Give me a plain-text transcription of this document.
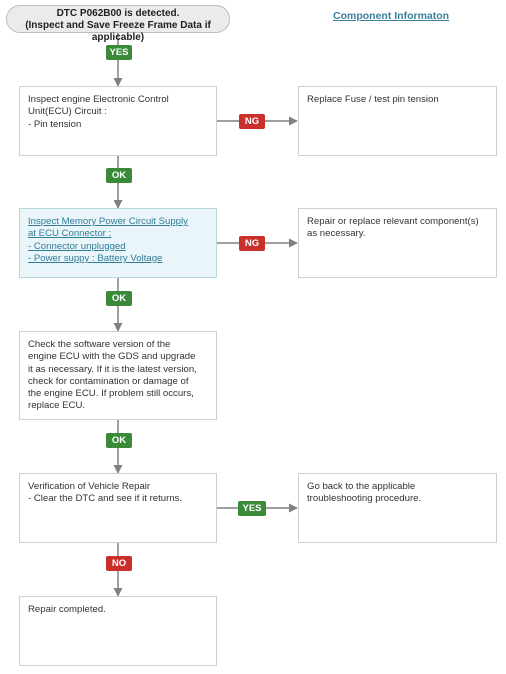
DTC P062B00 is detected.
(Inspect and Save Freeze Frame Data if applicable)
Component Informaton
YES
OK
NG
OK
NG
OK
YES
NO
Inspect engine Electronic Control
Unit(ECU) Circuit :
- Pin tension
Replace Fuse / test pin tension
Inspect Memory Power Circuit Supply
at ECU Connector :
- Connector unplugged
- Power suppy : Battery Voltage
Repair or replace relevant component(s)
as necessary.
Check the software version of the
engine ECU with the GDS and upgrade
it as necessary. If it is the latest version,
check for contamination or damage of
the engine ECU. If problem still occurs,
replace ECU.
Verification of Vehicle Repair
- Clear the DTC and see if it returns.
Go back to the applicable
troubleshooting procedure.
Repair completed.
